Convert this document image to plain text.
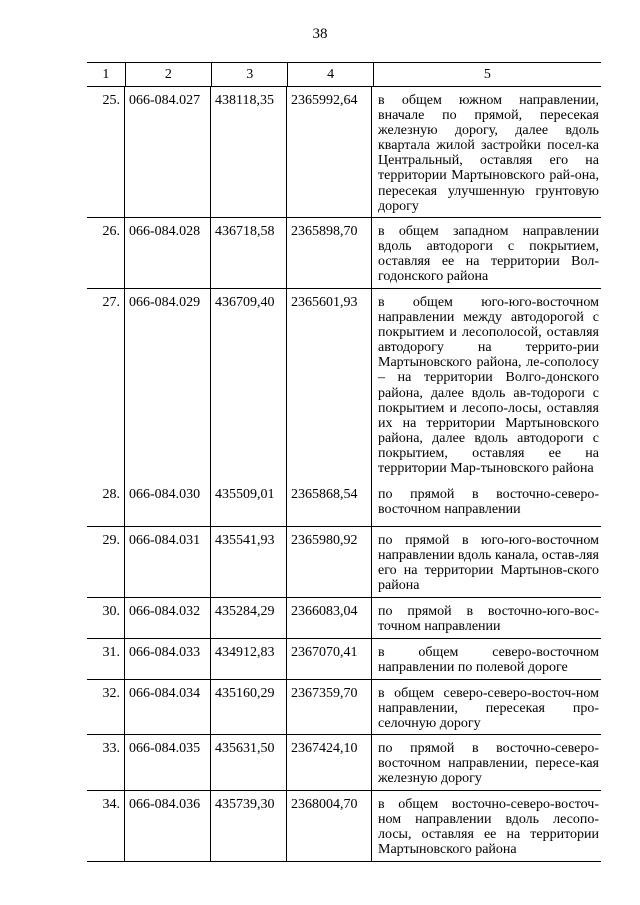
38
1	2	3	4	5
25. 066-084.027	438118,35	2365992,64	в общем южном направлении, вначале по прямой, пересекая железную дорогу, далее вдоль квартала жилой застройки посел-ка Центральный, оставляя его на территории Мартыновского рай-она, пересекая улучшенную грунтовую дорогу
26. 066-084.028	436718,58	2365898,70	в общем западном направлении вдоль автодороги с покрытием, оставляя ее на территории Вол-годонского района
27. 066-084.029	436709,40	2365601,93	в общем юго-юго-восточном направлении между автодорогой с покрытием и лесополосой, оставляя автодорогу на террито-рии Мартыновского района, ле-сополосу – на территории Волго-донского района, далее вдоль ав-тодороги с покрытием и лесопо-лосы, оставляя их на территории Мартыновского района, далее вдоль автодороги с покрытием, оставляя ее на территории Мар-тыновского района
28. 066-084.030	435509,01	2365868,54	по прямой в восточно-северо-восточном направлении
29. 066-084.031	435541,93	2365980,92	по прямой в юго-юго-восточном направлении вдоль канала, остав-ляя его на территории Мартынов-ского района
30. 066-084.032	435284,29	2366083,04	по прямой в восточно-юго-вос-точном направлении
31. 066-084.033	434912,83	2367070,41	в общем северо-восточном направлении по полевой дороге
32. 066-084.034	435160,29	2367359,70	в общем северо-северо-восточ-ном направлении, пересекая про-селочную дорогу
33. 066-084.035	435631,50	2367424,10	по прямой в восточно-северо-восточном направлении, пересе-кая железную дорогу
34. 066-084.036	435739,30	2368004,70	в общем восточно-северо-восточ-ном направлении вдоль лесопо-лосы, оставляя ее на территории Мартыновского района
